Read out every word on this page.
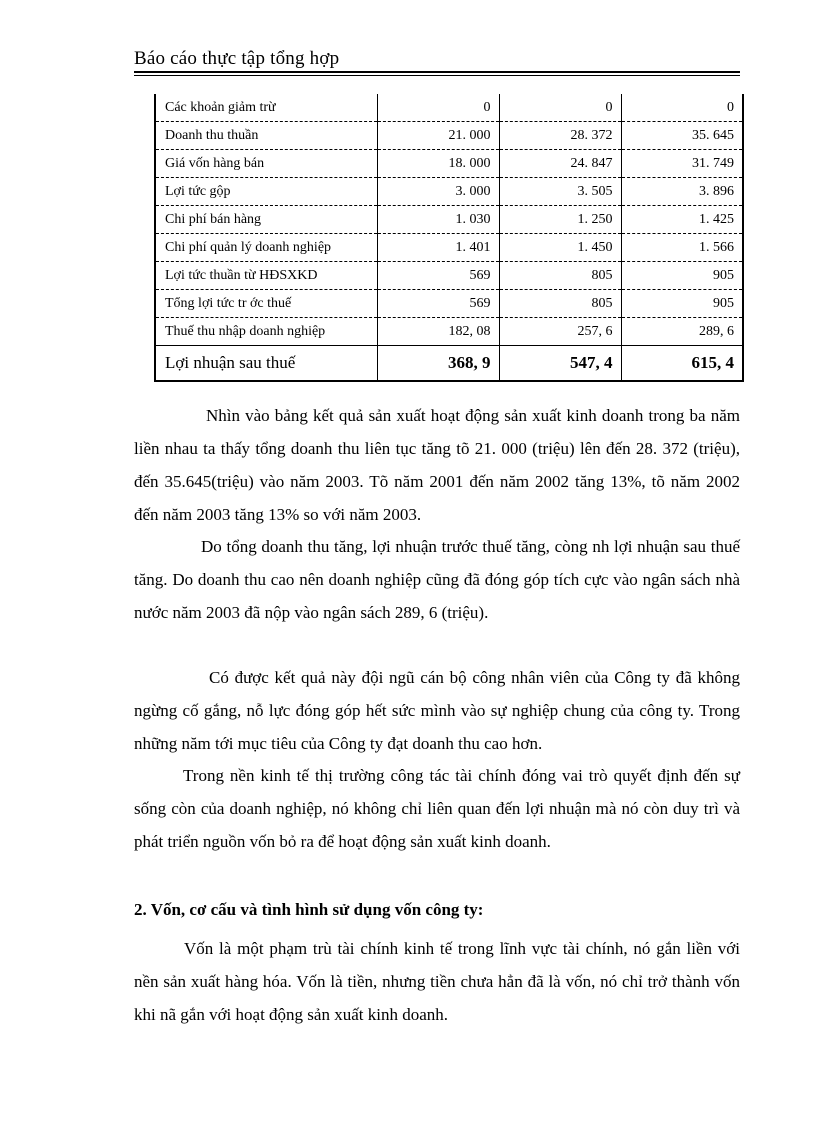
Báo cáo thực tập tổng hợp
Các khoản giảm trừ	0	0	0
Doanh thu thuần	21. 000	28. 372	35. 645
Giá vốn hàng bán	18. 000	24. 847	31. 749
Lợi tức gộp	3. 000	3. 505	3. 896
Chi phí bán hàng	1. 030	1. 250	1. 425
Chi phí quản lý doanh nghiệp	1. 401	1. 450	1. 566
Lợi tức thuần từ HĐSXKD	569	805	905
Tổng lợi tức tr ớc thuế	569	805	905
Thuế thu nhập doanh nghiệp	182, 08	257, 6	289, 6
Lợi nhuận sau thuế	368, 9	547, 4	615, 4

Nhìn vào bảng kết quả sản xuất hoạt động sản xuất kinh doanh trong ba năm liền nhau ta thấy tổng doanh thu liên tục tăng tõ 21. 000 (triệu) lên đến 28. 372 (triệu), đến 35.645(triệu) vào năm 2003. Tõ năm 2001 đến năm 2002 tăng 13%, tõ năm 2002 đến năm 2003 tăng 13% so với năm 2003.

Do tổng doanh thu tăng, lợi nhuận trước thuế tăng, còng nh lợi nhuận sau thuế tăng. Do doanh thu cao nên doanh nghiệp cũng đã đóng góp tích cực vào ngân sách nhà nước năm 2003 đã nộp vào ngân sách 289, 6 (triệu).

Có được kết quả này đội ngũ cán bộ công nhân viên của Công ty đã không ngừng cố gắng, nỗ lực đóng góp hết sức mình vào sự nghiệp chung của công ty. Trong những năm tới mục tiêu của Công ty đạt doanh thu cao hơn.

Trong nền kinh tế thị trường công tác tài chính đóng vai trò quyết định đến sự sống còn của doanh nghiệp, nó không chỉ liên quan đến lợi nhuận mà nó còn duy trì và phát triển nguồn vốn bỏ ra để hoạt động sản xuất kinh doanh.

2. Vốn, cơ cấu và tình hình sử dụng vốn công ty:

Vốn là một phạm trù tài chính kinh tế trong lĩnh vực tài chính, nó gắn liền với nền sản xuất hàng hóa. Vốn là tiền, nhưng tiền chưa hẳn đã là vốn, nó chỉ trở thành vốn khi nã gắn với hoạt động sản xuất kinh doanh.
